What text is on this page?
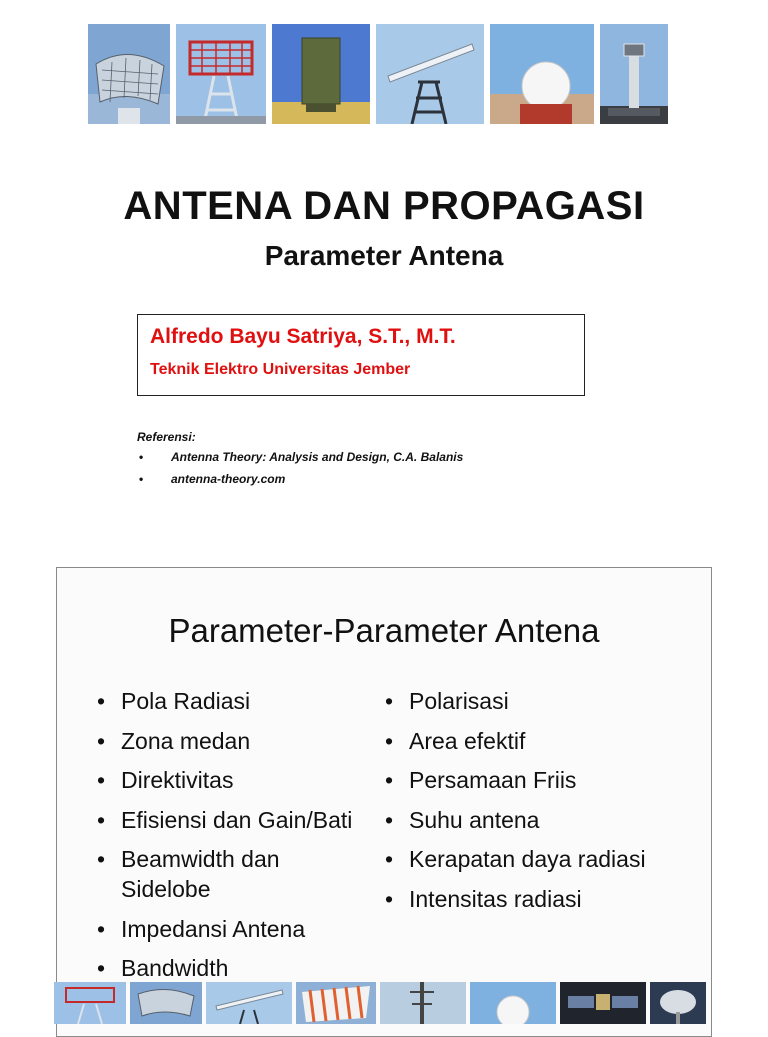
ANTENA DAN PROPAGASI
Parameter Antena
Alfredo Bayu Satriya, S.T., M.T.
Teknik Elektro Universitas Jember
Referensi:
• Antenna Theory: Analysis and Design, C.A. Balanis
• antenna-theory.com
Parameter-Parameter Antena
• Pola Radiasi
• Zona medan
• Direktivitas
• Efisiensi dan Gain/Bati
• Beamwidth dan Sidelobe
• Impedansi Antena
• Bandwidth
• Polarisasi
• Area efektif
• Persamaan Friis
• Suhu antena
• Kerapatan daya radiasi
• Intensitas radiasi
